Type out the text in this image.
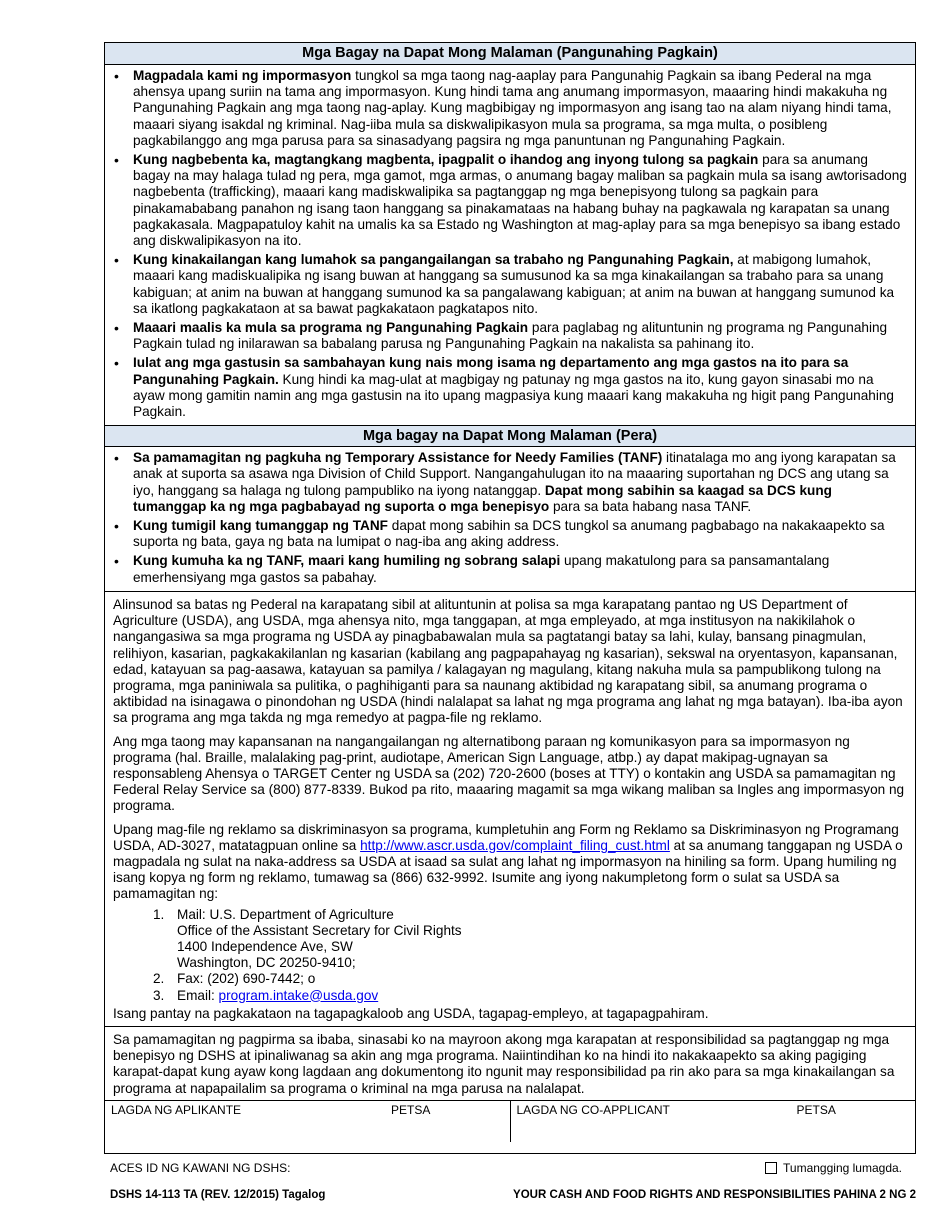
Mga Bagay na Dapat Mong Malaman (Pangunahing Pagkain)
• Magpadala kami ng impormasyon tungkol sa mga taong nag-aaplay para Pangunahig Pagkain sa ibang Pederal na mga ahensya upang suriin na tama ang impormasyon. Kung hindi tama ang anumang impormasyon, maaaring hindi makakuha ng Pangunahing Pagkain ang mga taong nag-aplay. Kung magbibigay ng impormasyon ang isang tao na alam niyang hindi tama, maaari siyang isakdal ng kriminal. Nag-iiba mula sa diskwalipikasyon mula sa programa, sa mga multa, o posibleng pagkabilanggo ang mga parusa para sa sinasadyang pagsira ng mga panuntunan ng Pangunahing Pagkain.
• Kung nagbebenta ka, magtangkang magbenta, ipagpalit o ihandog ang inyong tulong sa pagkain para sa anumang bagay na may halaga tulad ng pera, mga gamot, mga armas, o anumang bagay maliban sa pagkain mula sa isang awtorisadong nagbebenta (trafficking), maaari kang madiskwalipika sa pagtanggap ng mga benepisyong tulong sa pagkain para pinakamababang panahon ng isang taon hanggang sa pinakamataas na habang buhay na pagkawala ng karapatan sa unang pagkakasala. Magpapatuloy kahit na umalis ka sa Estado ng Washington at mag-aplay para sa mga benepisyo sa ibang estado ang diskwalipikasyon na ito.
• Kung kinakailangan kang lumahok sa pangangailangan sa trabaho ng Pangunahing Pagkain, at mabigong lumahok, maaari kang madiskualipika ng isang buwan at hanggang sa sumusunod ka sa mga kinakailangan sa trabaho para sa unang kabiguan; at anim na buwan at hanggang sumunod ka sa pangalawang kabiguan; at anim na buwan at hanggang sumunod ka sa ikatlong pagkakataon at sa bawat pagkakataon pagkatapos nito.
• Maaari maalis ka mula sa programa ng Pangunahing Pagkain para paglabag ng alituntunin ng programa ng Pangunahing Pagkain tulad ng inilarawan sa babalang parusa ng Pangunahing Pagkain na nakalista sa pahinang ito.
• Iulat ang mga gastusin sa sambahayan kung nais mong isama ng departamento ang mga gastos na ito para sa Pangunahing Pagkain. Kung hindi ka mag-ulat at magbigay ng patunay ng mga gastos na ito, kung gayon sinasabi mo na ayaw mong gamitin namin ang mga gastusin na ito upang magpasiya kung maaari kang makakuha ng higit pang Pangunahing Pagkain.
Mga bagay na Dapat Mong Malaman (Pera)
• Sa pamamagitan ng pagkuha ng Temporary Assistance for Needy Families (TANF) itinatalaga mo ang iyong karapatan sa anak at suporta sa asawa nga Division of Child Support. Nangangahulugan ito na maaaring suportahan ng DCS ang utang sa iyo, hanggang sa halaga ng tulong pampubliko na iyong natanggap. Dapat mong sabihin sa kaagad sa DCS kung tumanggap ka ng mga pagbabayad ng suporta o mga benepisyo para sa bata habang nasa TANF.
• Kung tumigil kang tumanggap ng TANF dapat mong sabihin sa DCS tungkol sa anumang pagbabago na nakakaapekto sa suporta ng bata, gaya ng bata na lumipat o nag-iba ang aking address.
• Kung kumuha ka ng TANF, maari kang humiling ng sobrang salapi upang makatulong para sa pansamantalang emerhensiyang mga gastos sa pabahay.

Alinsunod sa batas ng Pederal na karapatang sibil at alituntunin at polisa sa mga karapatang pantao ng US Department of Agriculture (USDA), ang USDA, mga ahensya nito, mga tanggapan, at mga empleyado, at mga institusyon na nakikilahok o nangangasiwa sa mga programa ng USDA ay pinagbabawalan mula sa pagtatangi batay sa lahi, kulay, bansang pinagmulan, relihiyon, kasarian, pagkakakilanlan ng kasarian (kabilang ang pagpapahayag ng kasarian), sekswal na oryentasyon, kapansanan, edad, katayuan sa pag-aasawa, katayuan sa pamilya / kalagayan ng magulang, kitang nakuha mula sa pampublikong tulong na programa, mga paniniwala sa pulitika, o paghihiganti para sa naunang aktibidad ng karapatang sibil, sa anumang programa o aktibidad na isinagawa o pinondohan ng USDA (hindi nalalapat sa lahat ng mga programa ang lahat ng mga batayan). Iba-iba ayon sa programa ang mga takda ng mga remedyo at pagpa-file ng reklamo.

Ang mga taong may kapansanan na nangangailangan ng alternatibong paraan ng komunikasyon para sa impormasyon ng programa (hal. Braille, malalaking pag-print, audiotape, American Sign Language, atbp.) ay dapat makipag-ugnayan sa responsableng Ahensya o TARGET Center ng USDA sa (202) 720-2600 (boses at TTY) o kontakin ang USDA sa pamamagitan ng Federal Relay Service sa (800) 877-8339. Bukod pa rito, maaaring magamit sa mga wikang maliban sa Ingles ang impormasyon ng programa.

Upang mag-file ng reklamo sa diskriminasyon sa programa, kumpletuhin ang Form ng Reklamo sa Diskriminasyon ng Programang USDA, AD-3027, matatagpuan online sa http://www.ascr.usda.gov/complaint_filing_cust.html at sa anumang tanggapan ng USDA o magpadala ng sulat na naka-address sa USDA at isaad sa sulat ang lahat ng impormasyon na hiniling sa form. Upang humiling ng isang kopya ng form ng reklamo, tumawag sa (866) 632-9992. Isumite ang iyong nakumpletong form o sulat sa USDA sa pamamagitan ng:

1. Mail: U.S. Department of Agriculture
Office of the Assistant Secretary for Civil Rights
1400 Independence Ave, SW
Washington, DC 20250-9410;
2. Fax: (202) 690-7442; o
3. Email: program.intake@usda.gov

Isang pantay na pagkakataon na tagapagkaloob ang USDA, tagapag-empleyo, at tagapagpahiram.

Sa pamamagitan ng pagpirma sa ibaba, sinasabi ko na mayroon akong mga karapatan at responsibilidad sa pagtanggap ng mga benepisyo ng DSHS at ipinaliwanag sa akin ang mga programa. Naiintindihan ko na hindi ito nakakaapekto sa aking pagiging karapat-dapat kung ayaw kong lagdaan ang dokumentong ito ngunit may responsibilidad pa rin ako para sa mga kinakailangan sa programa at napapailalim sa programa o kriminal na mga parusa na nalalapat.
LAGDA NG APLIKANTE	PETSA	LAGDA NG CO-APPLICANT	PETSA
ACES ID NG KAWANI NG DSHS:	Tumangging lumagda.
DSHS 14-113 TA (REV. 12/2015) Tagalog	YOUR CASH AND FOOD RIGHTS AND RESPONSIBILITIES PAHINA 2 NG 2
